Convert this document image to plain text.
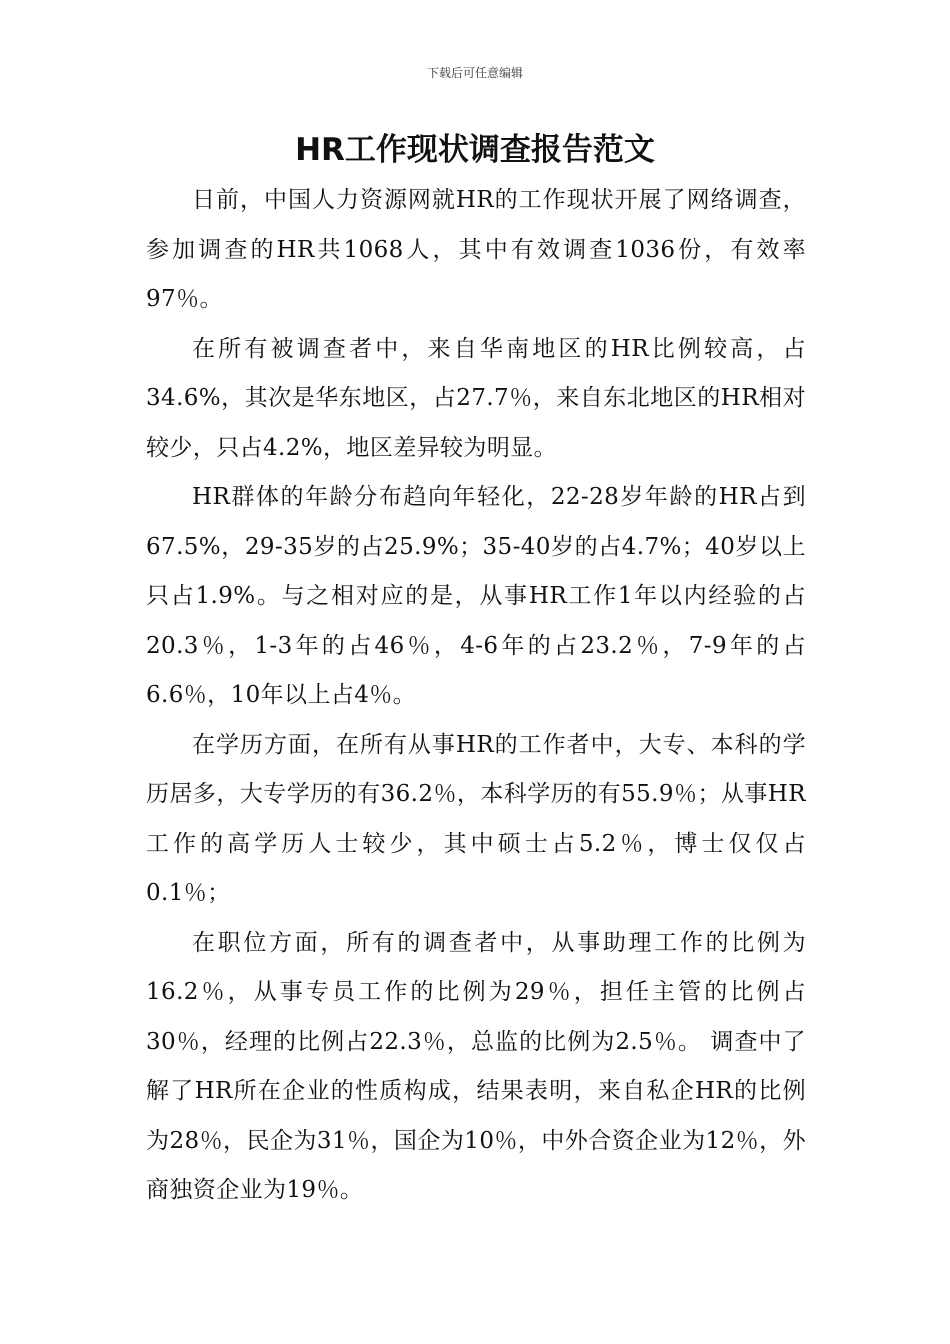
下载后可任意编辑
HR工作现状调查报告范文

日前，中国人力资源网就HR的工作现状开展了网络调查，参加调查的HR共1068人，其中有效调查1036份，有效率97％。

在所有被调查者中，来自华南地区的HR比例较高，占34.6%，其次是华东地区，占27.7％，来自东北地区的HR相对较少，只占4.2%，地区差异较为明显。

HR群体的年龄分布趋向年轻化，22-28岁年龄的HR占到67.5%，29-35岁的占25.9%；35-40岁的占4.7%；40岁以上只占1.9%。与之相对应的是，从事HR工作1年以内经验的占20.3％，1-3年的占46％，4-6年的占23.2％，7-9年的占6.6％，10年以上占4％。

在学历方面，在所有从事HR的工作者中，大专、本科的学历居多，大专学历的有36.2％，本科学历的有55.9％；从事HR工作的高学历人士较少，其中硕士占5.2％，博士仅仅占0.1％；

在职位方面，所有的调查者中，从事助理工作的比例为16.2％，从事专员工作的比例为29％，担任主管的比例占30％，经理的比例占22.3％，总监的比例为2.5％。 调查中了解了HR所在企业的性质构成，结果表明，来自私企HR的比例为28％，民企为31％，国企为10％，中外合资企业为12％，外商独资企业为19％。
